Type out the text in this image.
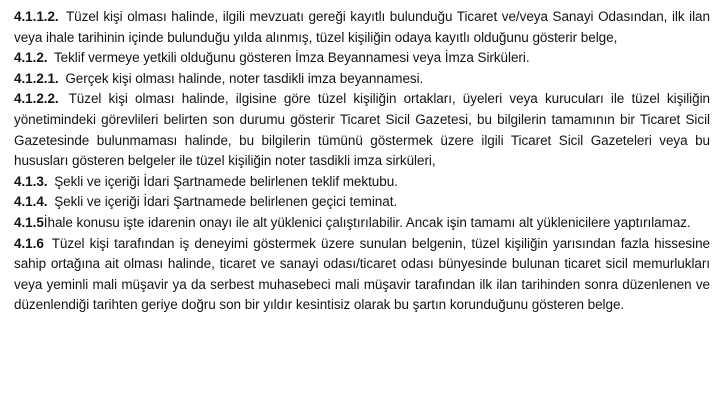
4.1.1.2. Tüzel kişi olması halinde, ilgili mevzuatı gereği kayıtlı bulunduğu Ticaret ve/veya Sanayi Odasından, ilk ilan veya ihale tarihinin içinde bulunduğu yılda alınmış, tüzel kişiliğin odaya kayıtlı olduğunu gösterir belge,

4.1.2. Teklif vermeye yetkili olduğunu gösteren İmza Beyannamesi veya İmza Sirküleri.

4.1.2.1. Gerçek kişi olması halinde, noter tasdikli imza beyannamesi.

4.1.2.2. Tüzel kişi olması halinde, ilgisine göre tüzel kişiliğin ortakları, üyeleri veya kurucuları ile tüzel kişiliğin yönetimindeki görevlileri belirten son durumu gösterir Ticaret Sicil Gazetesi, bu bilgilerin tamamının bir Ticaret Sicil Gazetesinde bulunmaması halinde, bu bilgilerin tümünü göstermek üzere ilgili Ticaret Sicil Gazeteleri veya bu hususları gösteren belgeler ile tüzel kişiliğin noter tasdikli imza sirküleri,

4.1.3. Şekli ve içeriği İdari Şartnamede belirlenen teklif mektubu.

4.1.4. Şekli ve içeriği İdari Şartnamede belirlenen geçici teminat.

4.1.5İhale konusu işte idarenin onayı ile alt yüklenici çalıştırılabilir. Ancak işin tamamı alt yüklenicilere yaptırılamaz.

4.1.6 Tüzel kişi tarafından iş deneyimi göstermek üzere sunulan belgenin, tüzel kişiliğin yarısından fazla hissesine sahip ortağına ait olması halinde, ticaret ve sanayi odası/ticaret odası bünyesinde bulunan ticaret sicil memurlukları veya yeminli mali müşavir ya da serbest muhasebeci mali müşavir tarafından ilk ilan tarihinden sonra düzenlenen ve düzenlendiği tarihten geriye doğru son bir yıldır kesintisiz olarak bu şartın korunduğunu gösteren belge.
